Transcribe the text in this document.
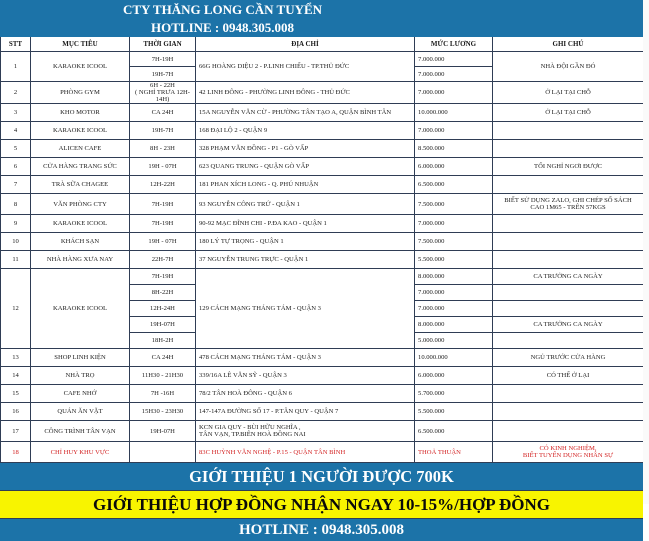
	CTY THĂNG LONG CẦN TUYỂN				
	HOTLINE : 0948.305.008				
STT	MỤC TIÊU	THỜI GIAN	ĐỊA CHỈ	MỨC LƯƠNG	GHI CHÚ
1	KARAOKE ICOOL	7H-19H	66G HOÀNG DIỆU 2 - P.LINH CHIỂU - TP.THỦ ĐỨC	7.000.000	NHÀ ĐỘI GẦN ĐÓ
		19H-7H		7.000.000	
2	PHÒNG GYM	6H - 22H
( NGHỈ TRƯA 12H-14H)	42 LINH ĐÔNG - PHƯỜNG LINH ĐÔNG - THỦ ĐỨC	7.000.000	Ở LẠI TẠI CHỖ

3	KHO MOTOR	CA 24H	15A NGUYỄN VĂN CỪ - PHƯỜNG TÂN TẠO A, QUẬN BÌNH TÂN	10.000.000	Ở LẠI TẠI CHỖ

4	KARAOKE ICOOL	19H-7H	168 ĐẠI LỘ 2 - QUẬN 9	7.000.000	

5	ALICEN CAFE	8H - 23H	328 PHẠM VĂN ĐỒNG - P1 - GÒ VẤP	8.500.000	

6	CỬA HÀNG TRANG SỨC	19H - 07H	623 QUANG TRUNG - QUẬN GÒ VẤP	6.000.000	TỐI NGHỈ NGƠI ĐƯỢC

7	TRÀ SỮA CHAGEE	12H-22H	181 PHAN XÍCH LONG - Q. PHÚ NHUẬN	6.500.000	

8	VĂN PHÒNG CTY	7H-19H	93 NGUYỄN CÔNG TRỨ - QUẬN 1	7.500.000	BIẾT SỬ DỤNG ZALO, GHI CHÉP SỔ SÁCH
CAO 1M65 - TRÊN 57KGS

9	KARAOKE ICOOL	7H-19H	90-92 MẠC ĐĨNH CHI - P.ĐA KAO - QUẬN 1	7.000.000	

10	KHÁCH SẠN	19H - 07H	180 LÝ TỰ TRỌNG - QUẬN 1	7.500.000	

11	NHÀ HÀNG XƯA NAY	22H-7H	37 NGUYỄN TRUNG TRỰC - QUẬN 1	5.500.000	

12	KARAOKE ICOOL	7H-19H	129 CÁCH MẠNG THÁNG TÁM - QUẬN 3	8.000.000	CA TRƯỞNG CA NGÀY
		8H-22H		7.000.000	
		12H-24H		7.000.000	
		19H-07H		8.000.000	CA TRƯỞNG CA NGÀY
		18H-2H		5.000.000	
13	SHOP LINH KIỆN	CA 24H	478 CÁCH MẠNG THÁNG TÁM - QUẬN 3	10.000.000	NGỦ TRƯỚC CỬA HÀNG

14	NHÀ TRỌ	11H30 - 21H30	339/16A LÊ VĂN SỸ - QUẬN 3	6.000.000	CÓ THỂ Ở LẠI

15	CAFE NHỚ	7H -16H	78/2 TÂN HOÀ ĐÔNG - QUẬN 6	5.700.000	

16	QUÁN ĂN VẶT	15H30 - 23H30	147-147A ĐƯỜNG SỐ 17 - P.TÂN QUY - QUẬN 7	5.500.000	

17	CÔNG TRÌNH TÂN VẠN	19H-07H	KCN GIA QUY - BÙI HỮU NGHĨA ,
TÂN VẠN, TP.BIÊN HOÀ ĐỒNG NAI	6.500.000	

18	CHỈ HUY KHU VỰC		83C HUỲNH VĂN NGHỆ - P.15 - QUẬN TÂN BÌNH	THOẢ THUẬN	CÓ KINH NGHIỆM,
BIẾT TUYỂN DỤNG NHÂN SỰ
GIỚI THIỆU 1 NGƯỜI ĐƯỢC 700K
GIỚI THIỆU HỢP ĐỒNG NHẬN NGAY 10-15%/HỢP ĐỒNG
HOTLINE : 0948.305.008
